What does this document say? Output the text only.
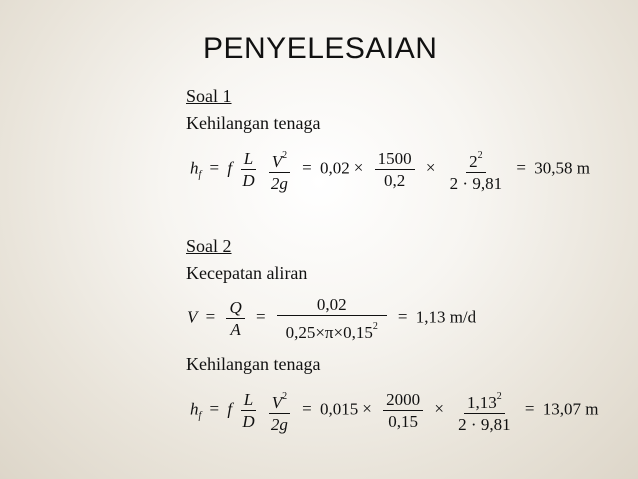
PENYELESAIAN
Soal 1
Kehilangan tenaga
$h_f = f \frac{L}{D}$
$\frac{V^2}{2g} = 0,02 \times \frac{1500}{0,2} \times \frac{2^2}{2 \cdot 9,81} = 30,58$ m
Soal 2
Kecepatan aliran
$V = \frac{Q}{A} = \frac{0,02}{0,25\times\pi\times 0,15^2} = 1,13$ m/d
Kehilangan tenaga
$h_f = f \frac{L}{D}$
$\frac{V^2}{2g} = 0,015 \times \frac{2000}{0,15} \times \frac{1,13^2}{2 \cdot 9,81} = 13,07$ m
